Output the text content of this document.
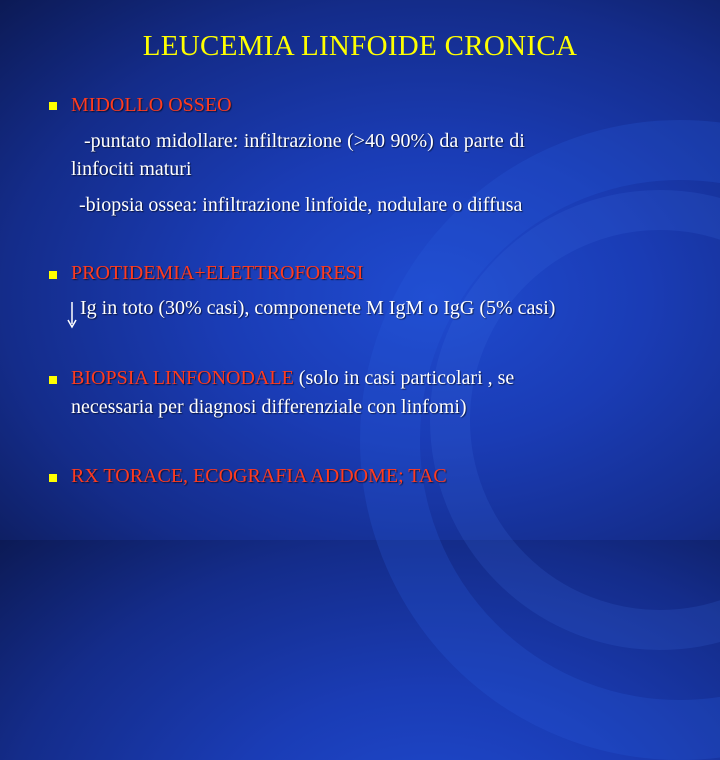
LEUCEMIA LINFOIDE CRONICA
MIDOLLO OSSEO
-puntato midollare: infiltrazione (>40 90%) da parte di
linfociti maturi
-biopsia ossea: infiltrazione linfoide, nodulare o diffusa
PROTIDEMIA+ELETTROFORESI
Ig in toto (30% casi), componenete M IgM o IgG (5% casi)
BIOPSIA LINFONODALE (solo in casi particolari , se
necessaria per diagnosi differenziale con linfomi)
RX TORACE, ECOGRAFIA ADDOME; TAC
